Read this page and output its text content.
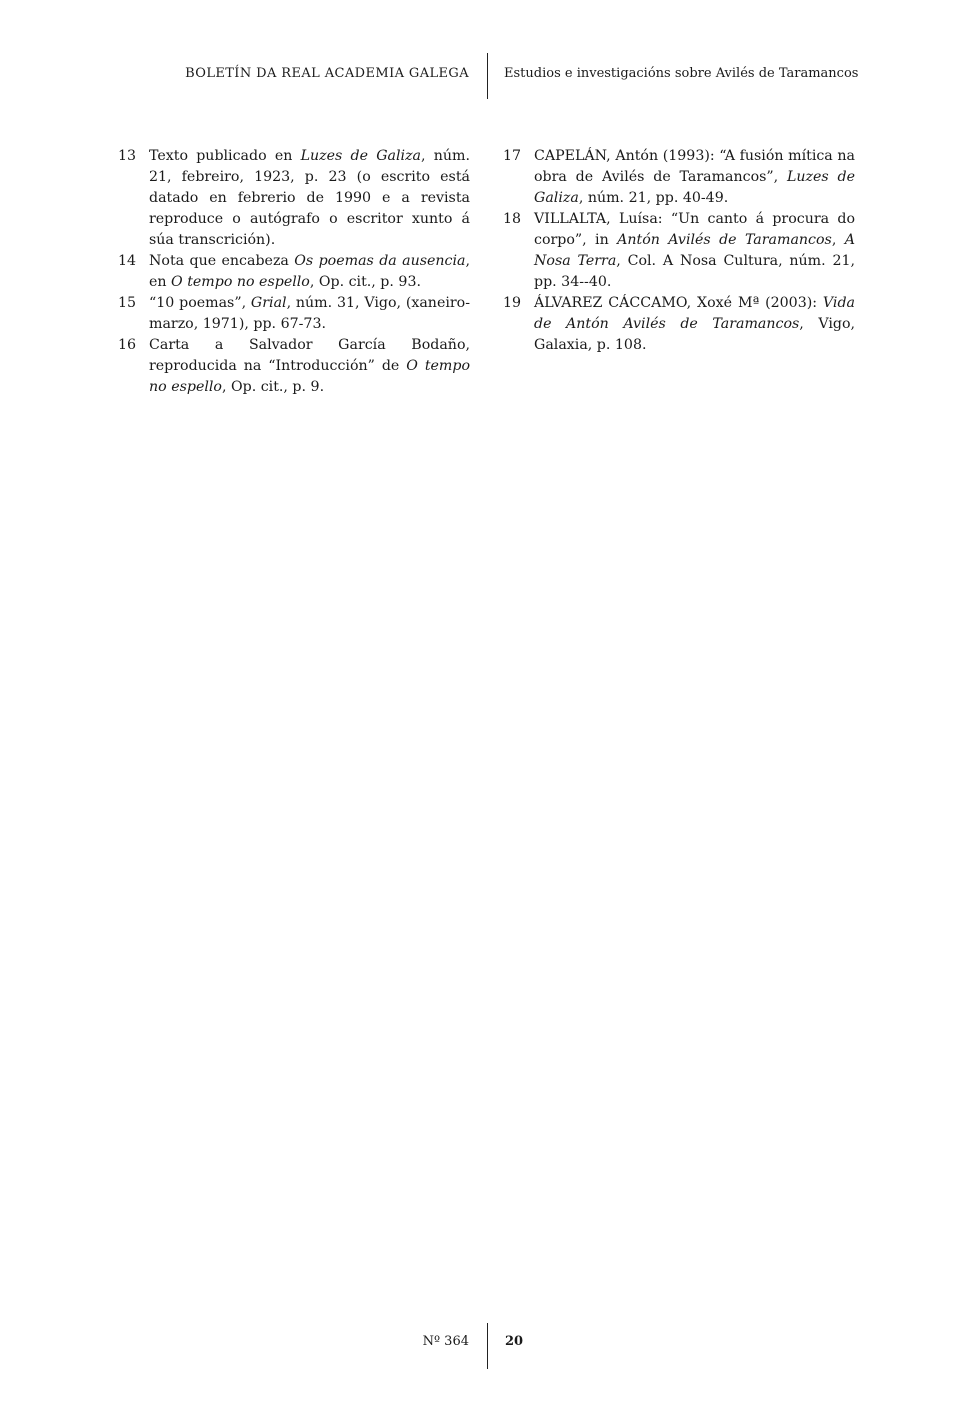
BOLETÍN DA REAL ACADEMIA GALEGA	Estudios e investigacións sobre Avilés de Taramancos

13 Texto publicado en Luzes de Galiza, núm. 21, febreiro, 1923, p. 23 (o escrito está datado en febrerio de 1990 e a revista reproduce o autógrafo o escritor xunto á súa transcrición).

14 Nota que encabeza Os poemas da ausencia, en O tempo no espello, Op. cit., p. 93.

15 “10 poemas”, Grial, núm. 31, Vigo, (xaneiro-marzo, 1971), pp. 67-73.

16 Carta a Salvador García Bodaño, reproducida na “Introducción” de O tempo no espello, Op. cit., p. 9.

17 CAPELÁN, Antón (1993): “A fusión mítica na obra de Avilés de Taramancos”, Luzes de Galiza, núm. 21, pp. 40-49.

18 VILLALTA, Luísa: “Un canto á procura do corpo”, in Antón Avilés de Taramancos, A Nosa Terra, Col. A Nosa Cultura, núm. 21, pp. 34--40.

19 ÁLVAREZ CÁCCAMO, Xoxé Mª (2003): Vida de Antón Avilés de Taramancos, Vigo, Galaxia, p. 108.

Nº 364	20
